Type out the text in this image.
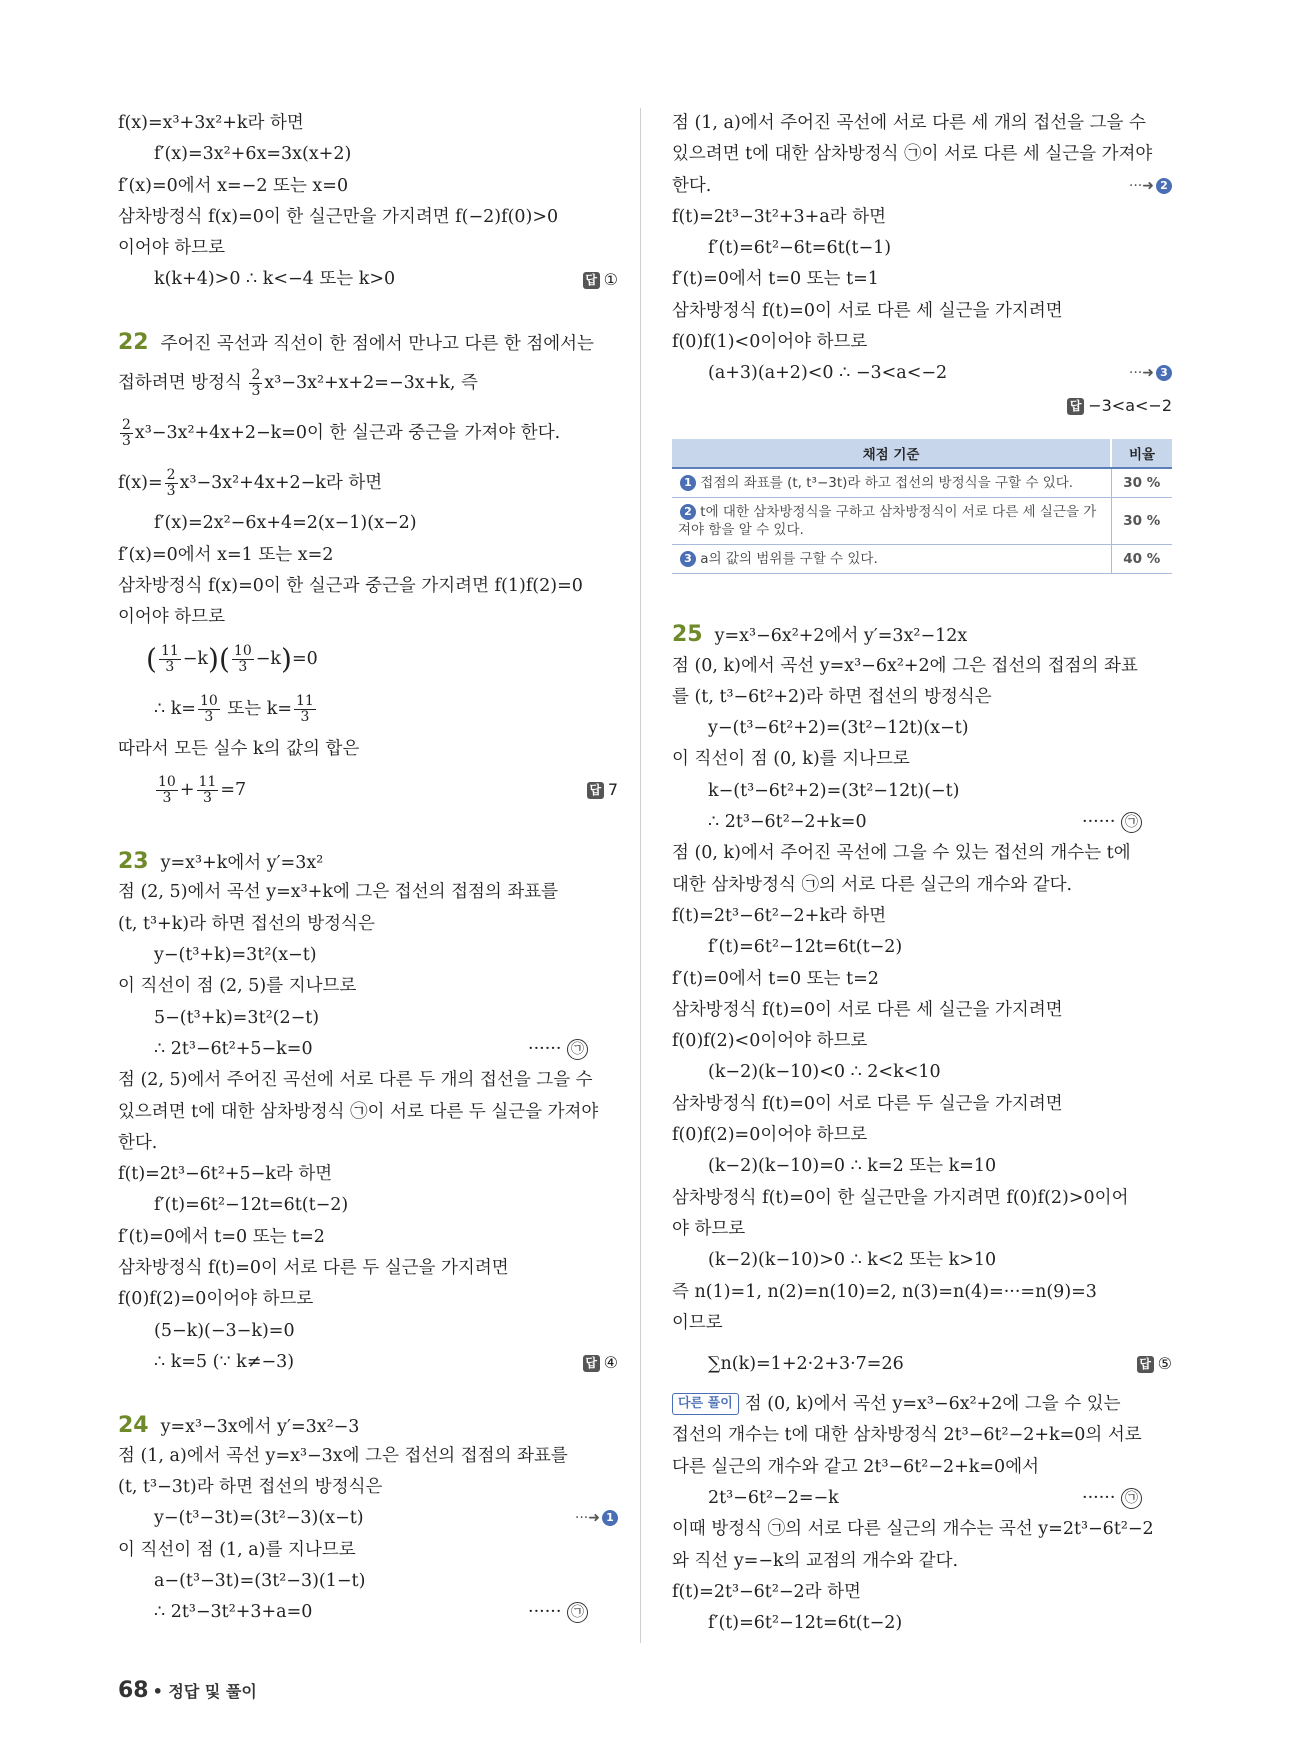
f(x)=x³+3x²+k라 하면
f′(x)=3x²+6x=3x(x+2)
f′(x)=0에서 x=−2 또는 x=0
삼차방정식 f(x)=0이 한 실근만을 가지려면 f(−2)f(0)>0
이어야 하므로
k(k+4)>0 ∴ k<−4 또는 k>0	답 ①
22 주어진 곡선과 직선이 한 점에서 만나고 다른 한 점에서는
접하려면 방정식 $\frac{2}{3} x^3-3x^2+x+2=-3x+k$, 즉
$\frac{2}{3} x^3-3x^2+4x+2-k=0$이 한 실근과 중근을 가져야 한다.
$f(x)= \frac{2}{3} x^3-3x^2+4x+2-k$라 하면
f′(x)=2x²−6x+4=2(x−1)(x−2)
f′(x)=0에서 x=1 또는 x=2
삼차방정식 f(x)=0이 한 실근과 중근을 가지려면 f(1)f(2)=0
이어야 하므로
( $\frac{11}{3} -k)( \frac{10}{3} -k)=0$
∴ $k= \frac{10}{3}$ 또는 $k= \frac{11}{3}$
따라서 모든 실수 k의 값의 합은
$\frac{10}{3} + \frac{11}{3} =7$	답 7
23 y=x³+k에서 y′=3x²
점 (2, 5)에서 곡선 y=x³+k에 그은 접선의 접점의 좌표를
(t, t³+k)라 하면 접선의 방정식은
y−(t³+k)=3t²(x−t)
이 직선이 점 (2, 5)를 지나므로
5−(t³+k)=3t²(2−t)
∴ 2t³−6t²+5−k=0	······ ㉠
점 (2, 5)에서 주어진 곡선에 서로 다른 두 개의 접선을 그을 수
있으려면 t에 대한 삼차방정식 ㉠이 서로 다른 두 실근을 가져야
한다.
f(t)=2t³−6t²+5−k라 하면
f′(t)=6t²−12t=6t(t−2)
f′(t)=0에서 t=0 또는 t=2
삼차방정식 f(t)=0이 서로 다른 두 실근을 가지려면
f(0)f(2)=0이어야 하므로
(5−k)(−3−k)=0
∴ k=5 (∵ k≠−3)	답 ④
24 y=x³−3x에서 y′=3x²−3
점 (1, a)에서 곡선 y=x³−3x에 그은 접선의 접점의 좌표를
(t, t³−3t)라 하면 접선의 방정식은
y−(t³−3t)=(3t²−3)(x−t)	···➜ 1
이 직선이 점 (1, a)를 지나므로
a−(t³−3t)=(3t²−3)(1−t)
∴ 2t³−3t²+3+a=0	······ ㉠
점 (1, a)에서 주어진 곡선에 서로 다른 세 개의 접선을 그을 수
있으려면 t에 대한 삼차방정식 ㉠이 서로 다른 세 실근을 가져야
한다.	···➜ 2
f(t)=2t³−3t²+3+a라 하면
f′(t)=6t²−6t=6t(t−1)
f′(t)=0에서 t=0 또는 t=1
삼차방정식 f(t)=0이 서로 다른 세 실근을 가지려면
f(0)f(1)<0이어야 하므로
(a+3)(a+2)<0 ∴ −3<a<−2	···➜ 3
답 −3<a<−2
채점 기준	비율
1 접점의 좌표를 (t, t³−3t)라 하고 접선의 방정식을 구할 수 있다.	30 %
2 t에 대한 삼차방정식을 구하고 삼차방정식이 서로 다른 세 실근을 가져야 함을 알 수 있다.	30 %
3 a의 값의 범위를 구할 수 있다.	40 %
25 y=x³−6x²+2에서 y′=3x²−12x
점 (0, k)에서 곡선 y=x³−6x²+2에 그은 접선의 접점의 좌표
를 (t, t³−6t²+2)라 하면 접선의 방정식은
y−(t³−6t²+2)=(3t²−12t)(x−t)
이 직선이 점 (0, k)를 지나므로
k−(t³−6t²+2)=(3t²−12t)(−t)
∴ 2t³−6t²−2+k=0	······ ㉠
점 (0, k)에서 주어진 곡선에 그을 수 있는 접선의 개수는 t에
대한 삼차방정식 ㉠의 서로 다른 실근의 개수와 같다.
f(t)=2t³−6t²−2+k라 하면
f′(t)=6t²−12t=6t(t−2)
f′(t)=0에서 t=0 또는 t=2
삼차방정식 f(t)=0이 서로 다른 세 실근을 가지려면
f(0)f(2)<0이어야 하므로
(k−2)(k−10)<0 ∴ 2<k<10
삼차방정식 f(t)=0이 서로 다른 두 실근을 가지려면
f(0)f(2)=0이어야 하므로
(k−2)(k−10)=0 ∴ k=2 또는 k=10
삼차방정식 f(t)=0이 한 실근만을 가지려면 f(0)f(2)>0이어
야 하므로
(k−2)(k−10)>0 ∴ k<2 또는 k>10
즉 n(1)=1, n(2)=n(10)=2, n(3)=n(4)=···=n(9)=3
이므로
∑n(k)=1+2·2+3·7=26	답 ⑤
다른 풀이 점 (0, k)에서 곡선 y=x³−6x²+2에 그을 수 있는
접선의 개수는 t에 대한 삼차방정식 2t³−6t²−2+k=0의 서로
다른 실근의 개수와 같고 2t³−6t²−2+k=0에서
2t³−6t²−2=−k	······ ㉠
이때 방정식 ㉠의 서로 다른 실근의 개수는 곡선 y=2t³−6t²−2
와 직선 y=−k의 교점의 개수와 같다.
f(t)=2t³−6t²−2라 하면
f′(t)=6t²−12t=6t(t−2)
68 • 정답 및 풀이
